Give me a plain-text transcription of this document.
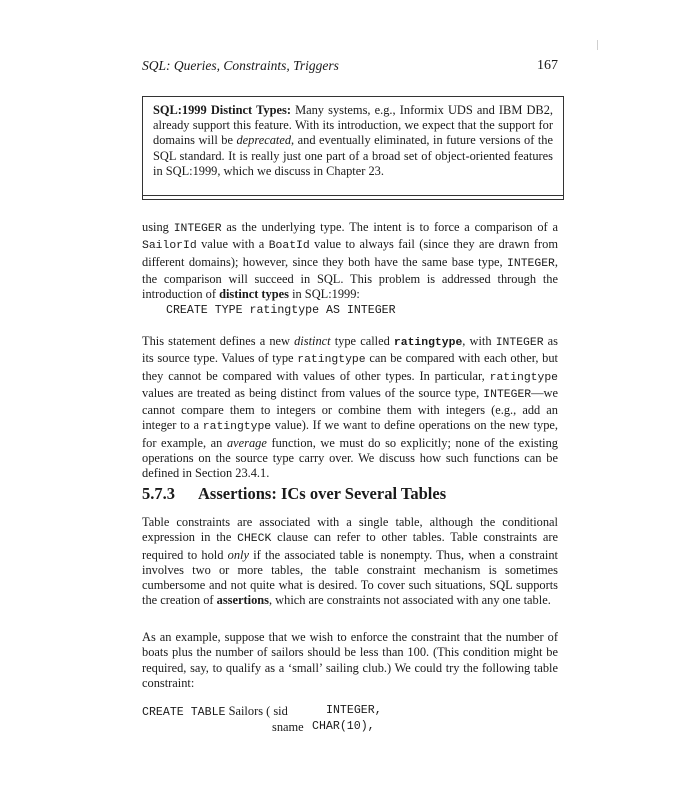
SQL: Queries, Constraints, Triggers	167
SQL:1999 Distinct Types: Many systems, e.g., Informix UDS and IBM DB2, already support this feature. With its introduction, we expect that the support for domains will be deprecated, and eventually eliminated, in future versions of the SQL standard. It is really just one part of a broad set of object-oriented features in SQL:1999, which we discuss in Chapter 23.
using INTEGER as the underlying type. The intent is to force a comparison of a SailorId value with a BoatId value to always fail (since they are drawn from different domains); however, since they both have the same base type, INTEGER, the comparison will succeed in SQL. This problem is addressed through the introduction of distinct types in SQL:1999:
CREATE TYPE ratingtype AS INTEGER
This statement defines a new distinct type called ratingtype, with INTEGER as its source type. Values of type ratingtype can be compared with each other, but they cannot be compared with values of other types. In particular, ratingtype values are treated as being distinct from values of the source type, INTEGER—we cannot compare them to integers or combine them with integers (e.g., add an integer to a ratingtype value). If we want to define operations on the new type, for example, an average function, we must do so explicitly; none of the existing operations on the source type carry over. We discuss how such functions can be defined in Section 23.4.1.
5.7.3 Assertions: ICs over Several Tables
Table constraints are associated with a single table, although the conditional expression in the CHECK clause can refer to other tables. Table constraints are required to hold only if the associated table is nonempty. Thus, when a constraint involves two or more tables, the table constraint mechanism is sometimes cumbersome and not quite what is desired. To cover such situations, SQL supports the creation of assertions, which are constraints not associated with any one table.
As an example, suppose that we wish to enforce the constraint that the number of boats plus the number of sailors should be less than 100. (This condition might be required, say, to qualify as a ‘small’ sailing club.) We could try the following table constraint:
CREATE TABLE Sailors ( sid	INTEGER,
sname CHAR(10),
